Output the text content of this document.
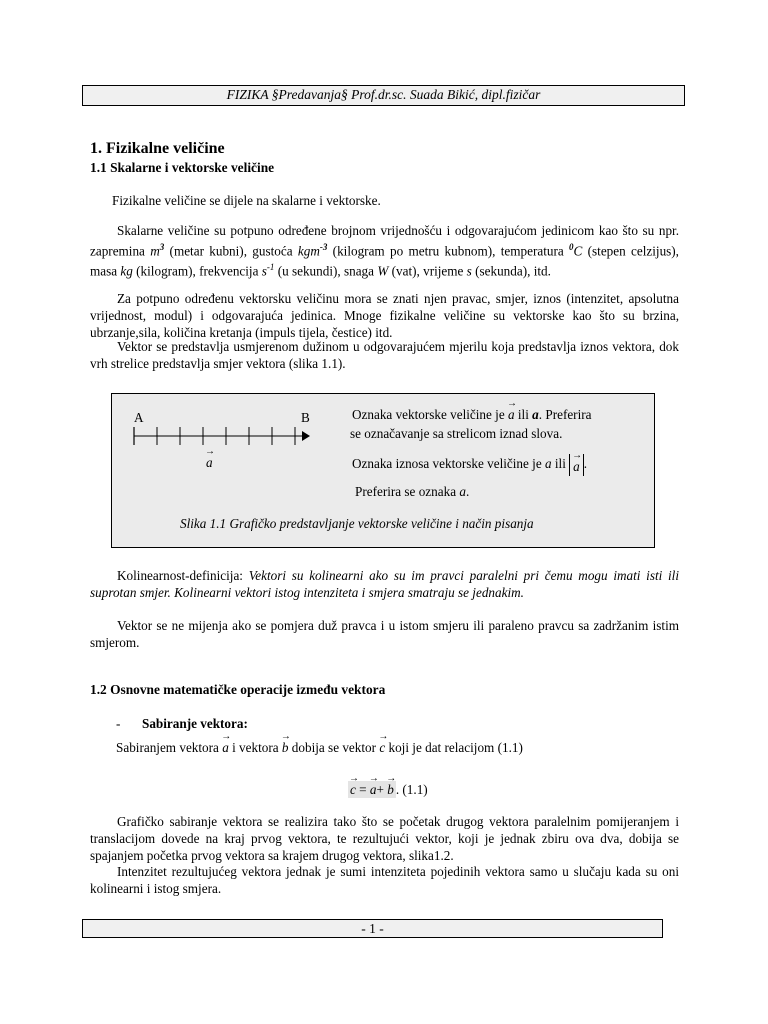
FIZIKA §Predavanja§ Prof.dr.sc. Suada Bikić, dipl.fizičar
1. Fizikalne veličine
1.1 Skalarne i vektorske veličine

Fizikalne veličine se dijele na skalarne i vektorske.

Skalarne veličine su potpuno određene brojnom vrijednošću i odgovarajućom jedinicom kao što su npr. zapremina $m^3$ (metar kubni), gustoća kgm$^{-3}$ (kilogram po metru kubnom), temperatura $^0$C (stepen celzijus), masa kg (kilogram), frekvencija $s^{-1}$ (u sekundi), snaga W (vat), vrijeme s (sekunda), itd.

Za potpuno određenu vektorsku veličinu mora se znati njen pravac, smjer, iznos (intenzitet, apsolutna vrijednost, modul) i odgovarajuća jedinica. Mnoge fizikalne veličine su vektorske kao što su brzina, ubrzanje,sila, količina kretanja (impuls tijela, čestice) itd.

Vektor se predstavlja usmjerenom dužinom u odgovarajućem mjerilu koja predstavlja iznos vektora, dok vrh strelice predstavlja smjer vektora (slika 1.1).

A	B
→ a
Oznaka vektorske veličine je → a ili a. Preferira
se označavanje sa strelicom iznad slova.
Oznaka iznosa vektorske veličine je a ili → a .
Preferira se oznaka a.
Slika 1.1 Grafičko predstavljanje vektorske veličine i način pisanja

Kolinearnost-definicija: Vektori su kolinearni ako su im pravci paralelni pri čemu mogu imati isti ili suprotan smjer. Kolinearni vektori istog intenziteta i smjera smatraju se jednakim.

Vektor se ne mijenja ako se pomjera duž pravca i u istom smjeru ili paraleno pravcu sa zadržanim istim smjerom.

1.2 Osnovne matematičke operacije između vektora
- Sabiranje vektora:

Sabiranjem vektora → a i vektora → b dobija se vektor → c koji je dat relacijom (1.1)

→ c = → a+ → b . (1.1)

Grafičko sabiranje vektora se realizira tako što se početak drugog vektora paralelnim pomijeranjem i translacijom dovede na kraj prvog vektora, te rezultujući vektor, koji je jednak zbiru ova dva, dobija se spajanjem početka prvog vektora sa krajem drugog vektora, slika1.2.

Intenzitet rezultujućeg vektora jednak je sumi intenziteta pojedinih vektora samo u slučaju kada su oni kolinearni i istog smjera.

- 1 -
